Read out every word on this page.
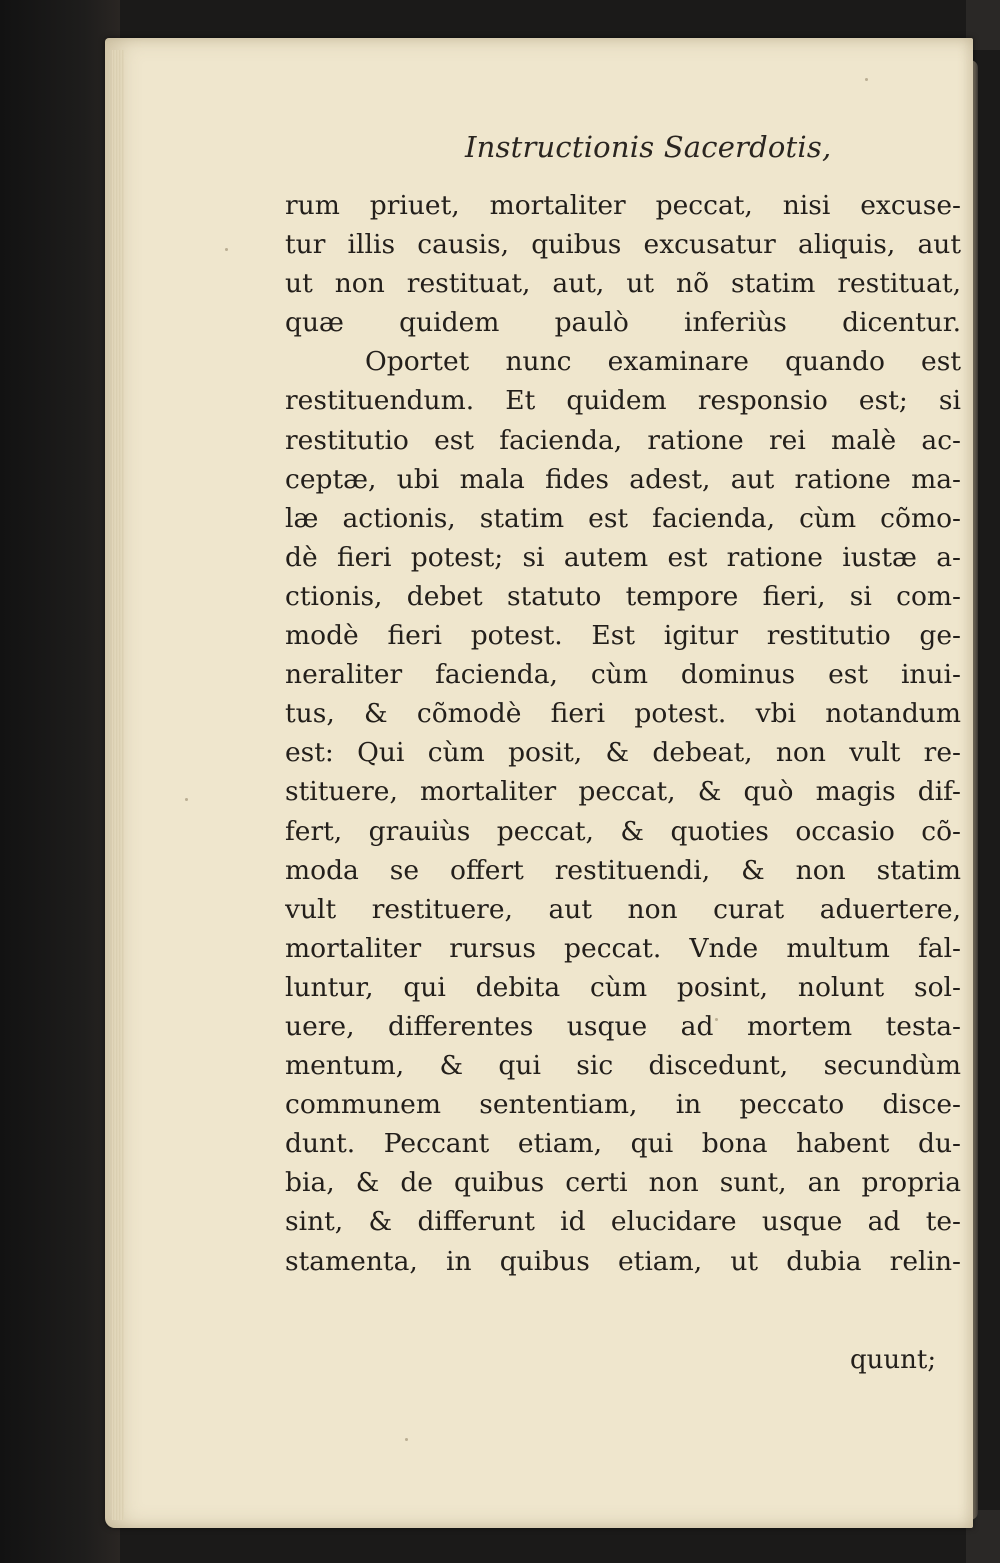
Instructionis Sacerdotis,
rum priuet, mortaliter peccat, nisi excuse-
tur illis causis, quibus excusatur aliquis, aut
ut non restituat, aut, ut nõ statim restituat,
quæ quidem paulò inferiùs dicentur.
Oportet nunc examinare quando est
restituendum. Et quidem responsio est; si
restitutio est facienda, ratione rei malè ac-
ceptæ, ubi mala fides adest, aut ratione ma-
læ actionis, statim est facienda, cùm cõmo-
dè fieri potest; si autem est ratione iustæ a-
ctionis, debet statuto tempore fieri, si com-
modè fieri potest. Est igitur restitutio ge-
neraliter facienda, cùm dominus est inui-
tus, & cõmodè fieri potest. vbi notandum
est: Qui cùm posit, & debeat, non vult re-
stituere, mortaliter peccat, & quò magis dif-
fert, grauiùs peccat, & quoties occasio cõ-
moda se offert restituendi, & non statim
vult restituere, aut non curat aduertere,
mortaliter rursus peccat. Vnde multum fal-
luntur, qui debita cùm posint, nolunt sol-
uere, differentes usque ad mortem testa-
mentum, & qui sic discedunt, secundùm
communem sententiam, in peccato disce-
dunt. Peccant etiam, qui bona habent du-
bia, & de quibus certi non sunt, an propria
sint, & differunt id elucidare usque ad te-
stamenta, in quibus etiam, ut dubia relin-
quunt;
